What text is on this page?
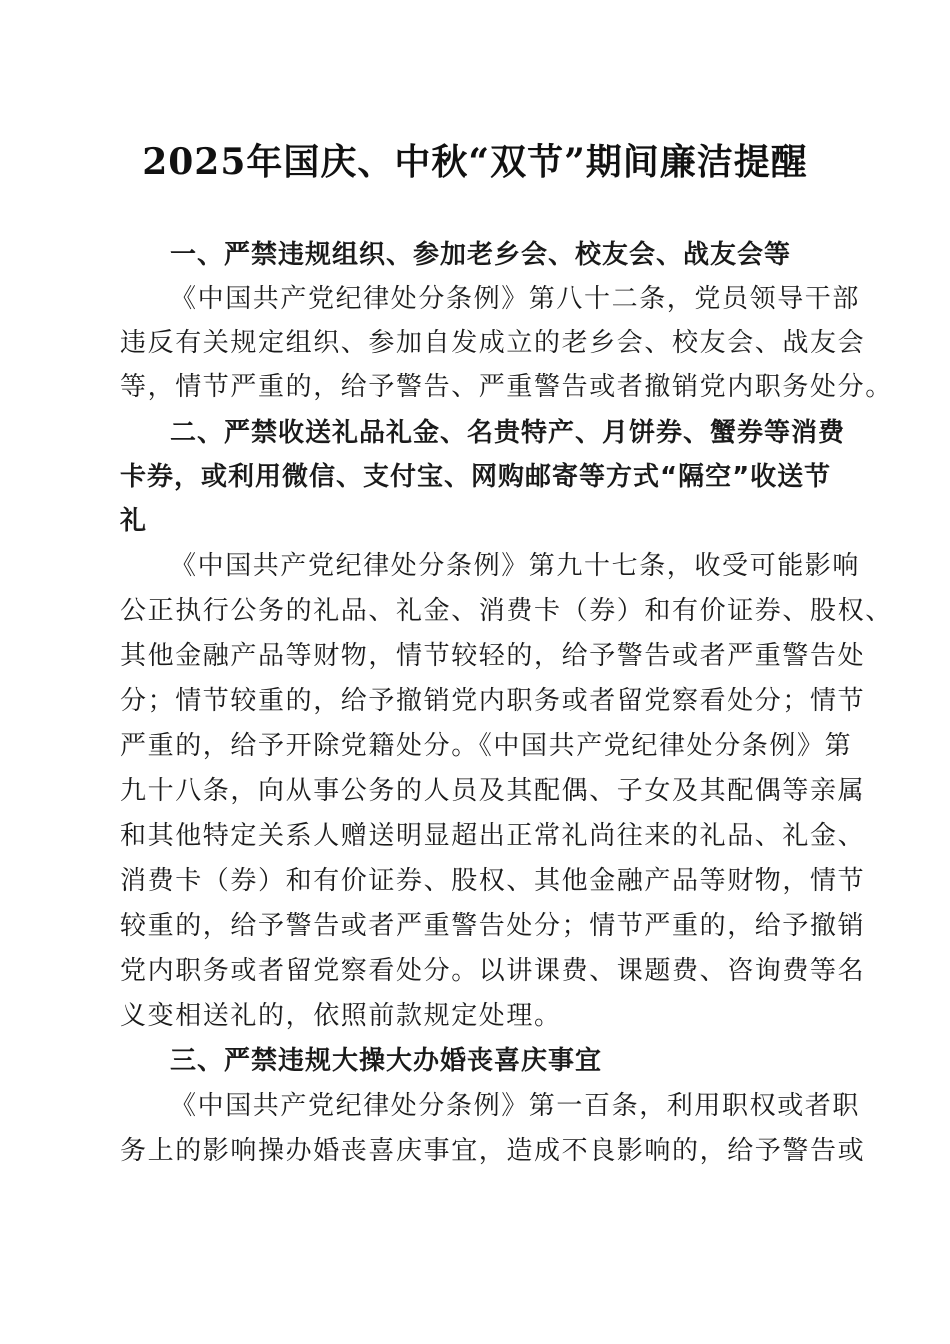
2025年国庆、中秋“双节”期间廉洁提醒
一、严禁违规组织、参加老乡会、校友会、战友会等
《中国共产党纪律处分条例》第八十二条，党员领导干部
违反有关规定组织、参加自发成立的老乡会、校友会、战友会
等，情节严重的，给予警告、严重警告或者撤销党内职务处分。
二、严禁收送礼品礼金、名贵特产、月饼券、蟹券等消费
卡券，或利用微信、支付宝、网购邮寄等方式“隔空”收送节
礼
《中国共产党纪律处分条例》第九十七条，收受可能影响
公正执行公务的礼品、礼金、消费卡（券）和有价证券、股权、
其他金融产品等财物，情节较轻的，给予警告或者严重警告处
分；情节较重的，给予撤销党内职务或者留党察看处分；情节
严重的，给予开除党籍处分。《中国共产党纪律处分条例》第
九十八条，向从事公务的人员及其配偶、子女及其配偶等亲属
和其他特定关系人赠送明显超出正常礼尚往来的礼品、礼金、
消费卡（券）和有价证券、股权、其他金融产品等财物，情节
较重的，给予警告或者严重警告处分；情节严重的，给予撤销
党内职务或者留党察看处分。以讲课费、课题费、咨询费等名
义变相送礼的，依照前款规定处理。
三、严禁违规大操大办婚丧喜庆事宜
《中国共产党纪律处分条例》第一百条，利用职权或者职
务上的影响操办婚丧喜庆事宜，造成不良影响的，给予警告或
